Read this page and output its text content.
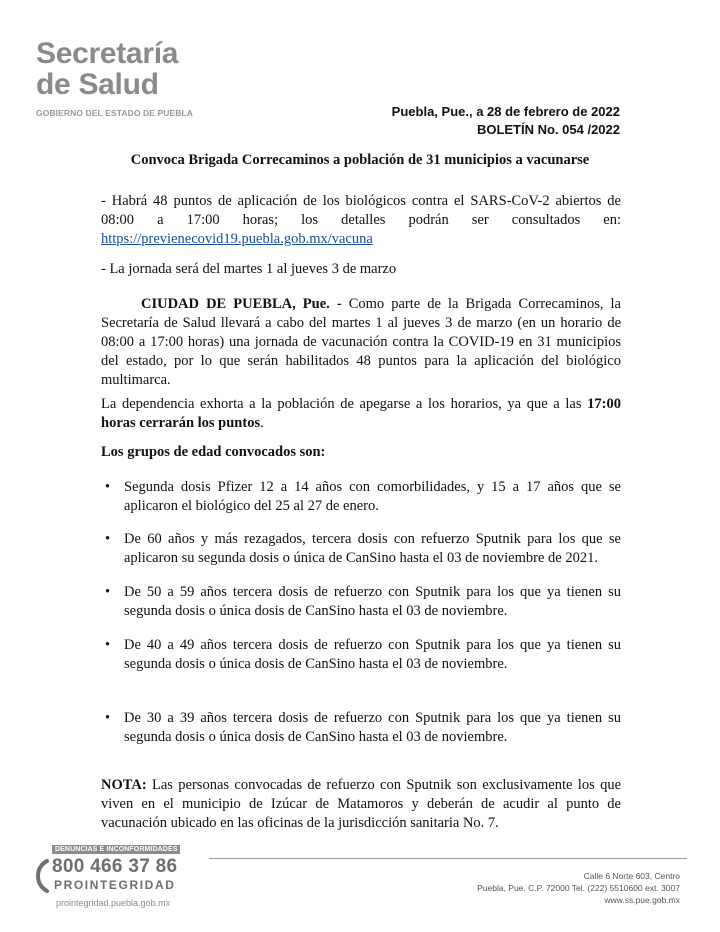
Secretaría
de Salud
GOBIERNO DEL ESTADO DE PUEBLA	Puebla, Pue., a 28 de febrero de 2022
BOLETÍN No. 054 /2022
Convoca Brigada Correcaminos a población de 31 municipios a vacunarse
- Habrá 48 puntos de aplicación de los biológicos contra el SARS-CoV-2 abiertos de 08:00 a 17:00 horas; los detalles podrán ser consultados en: https://previenecovid19.puebla.gob.mx/vacuna
- La jornada será del martes 1 al jueves 3 de marzo
CIUDAD DE PUEBLA, Pue. - Como parte de la Brigada Correcaminos, la Secretaría de Salud llevará a cabo del martes 1 al jueves 3 de marzo (en un horario de 08:00 a 17:00 horas) una jornada de vacunación contra la COVID-19 en 31 municipios del estado, por lo que serán habilitados 48 puntos para la aplicación del biológico multimarca.
La dependencia exhorta a la población de apegarse a los horarios, ya que a las 17:00 horas cerrarán los puntos.
Los grupos de edad convocados son:
• Segunda dosis Pfizer 12 a 14 años con comorbilidades, y 15 a 17 años que se aplicaron el biológico del 25 al 27 de enero.
• De 60 años y más rezagados, tercera dosis con refuerzo Sputnik para los que se aplicaron su segunda dosis o única de CanSino hasta el 03 de noviembre de 2021.
• De 50 a 59 años tercera dosis de refuerzo con Sputnik para los que ya tienen su segunda dosis o única dosis de CanSino hasta el 03 de noviembre.
• De 40 a 49 años tercera dosis de refuerzo con Sputnik para los que ya tienen su segunda dosis o única dosis de CanSino hasta el 03 de noviembre.
• De 30 a 39 años tercera dosis de refuerzo con Sputnik para los que ya tienen su segunda dosis o única dosis de CanSino hasta el 03 de noviembre.
NOTA: Las personas convocadas de refuerzo con Sputnik son exclusivamente los que viven en el municipio de Izúcar de Matamoros y deberán de acudir al punto de vacunación ubicado en las oficinas de la jurisdicción sanitaria No. 7.
DENUNCIAS E INCONFORMIDADES
800 466 37 86
PROINTEGRIDAD
prointegridad.puebla.gob.mx
Calle 6 Norte 603, Centro
Puebla, Pue. C.P. 72000 Tel. (222) 5510600 ext. 3007
www.ss.pue.gob.mx
